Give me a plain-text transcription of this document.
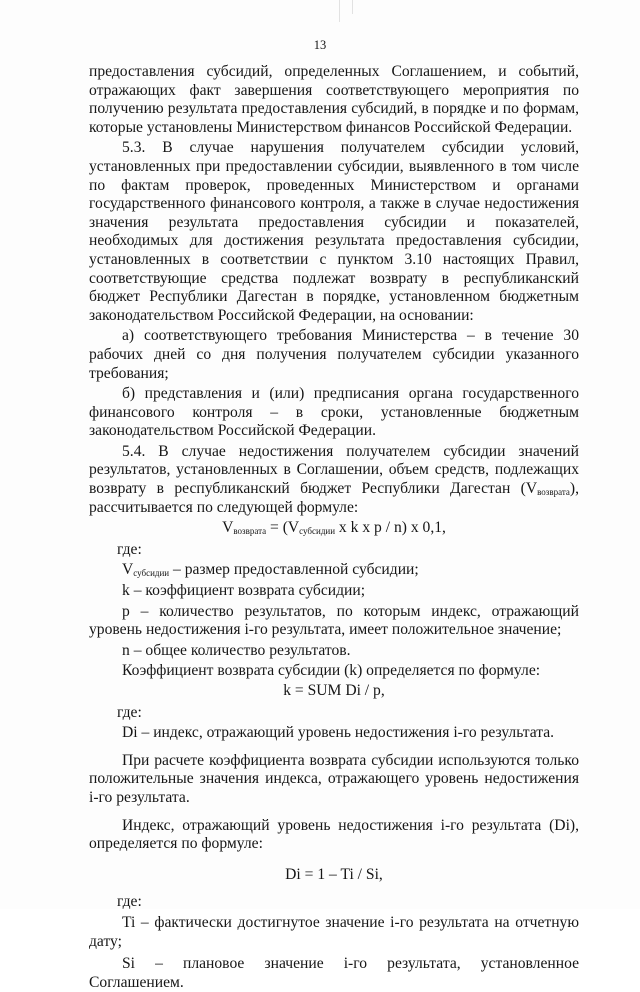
13

предоставления субсидий, определенных Соглашением, и событий, отражающих факт завершения соответствующего мероприятия по получению результата предоставления субсидий, в порядке и по формам, которые установлены Министерством финансов Российской Федерации.

5.3. В случае нарушения получателем субсидии условий, установленных при предоставлении субсидии, выявленного в том числе по фактам проверок, проведенных Министерством и органами государственного финансового контроля, а также в случае недостижения значения результата предоставления субсидии и показателей, необходимых для достижения результата предоставления субсидии, установленных в соответствии с пунктом 3.10 настоящих Правил, соответствующие средства подлежат возврату в республиканский бюджет Республики Дагестан в порядке, установленном бюджетным законодательством Российской Федерации, на основании:

а) соответствующего требования Министерства – в течение 30 рабочих дней со дня получения получателем субсидии указанного требования;

б) представления и (или) предписания органа государственного финансового контроля – в сроки, установленные бюджетным законодательством Российской Федерации.

5.4. В случае недостижения получателем субсидии значений результатов, установленных в Соглашении, объем средств, подлежащих возврату в республиканский бюджет Республики Дагестан $(V_{возврата})$, рассчитывается по следующей формуле:

$V_{возврата} = (V_{субсидии}$ x k x p / n) x 0,1,

где:

$V_{субсидии}$ – размер предоставленной субсидии;

k – коэффициент возврата субсидии;

р – количество результатов, по которым индекс, отражающий уровень недостижения i-го результата, имеет положительное значение;

n – общее количество результатов.

Коэффициент возврата субсидии (k) определяется по формуле:

k = SUM Di / p,

где:

Di – индекс, отражающий уровень недостижения i-го результата.

При расчете коэффициента возврата субсидии используются только положительные значения индекса, отражающего уровень недостижения i-го результата.

Индекс, отражающий уровень недостижения i-го результата (Di), определяется по формуле:

Di = 1 – Ti / Si,

где:

Ti – фактически достигнутое значение i-го результата на отчетную дату;

Si – плановое значение i-го результата, установленное Соглашением.
